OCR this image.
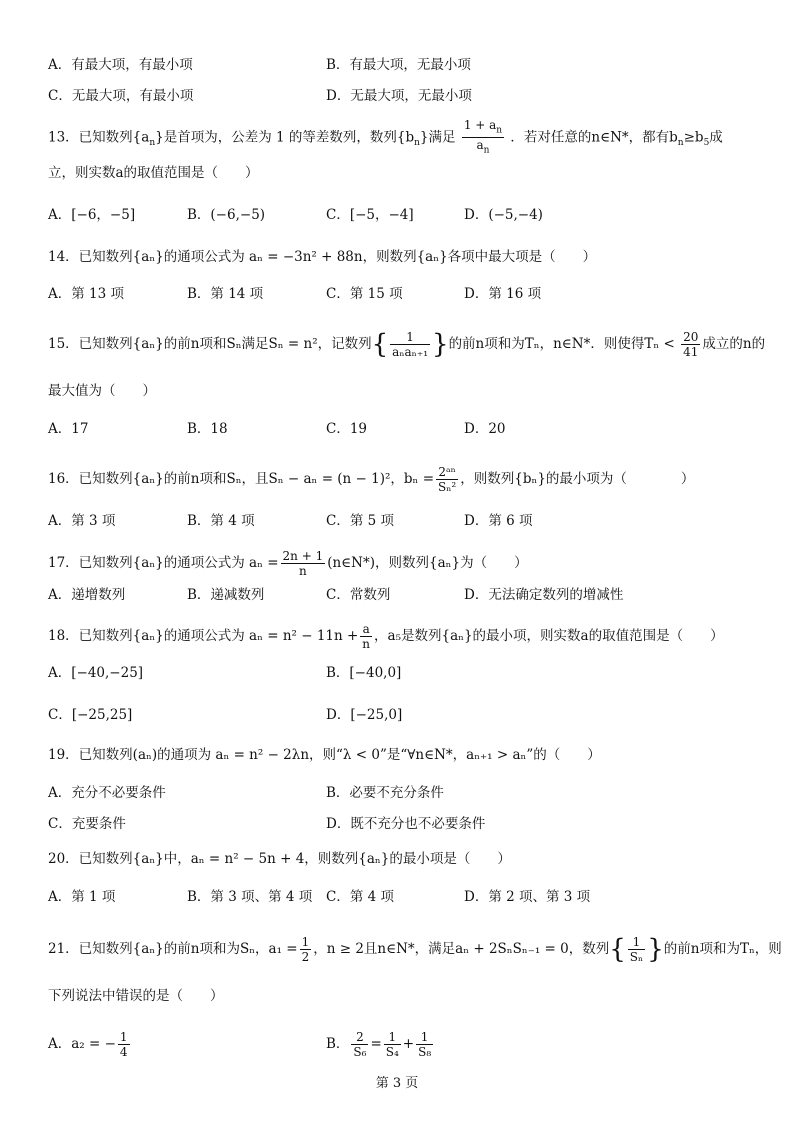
A．有最大项，有最小项	B．有最大项，无最小项
C．无最大项，有最小项	D．无最大项，无最小项
13．已知数列$\{a_n\}$是首项为，公差为 1 的等差数列，数列$\{b_n\}$满足 $\frac{1 + a_n}{a_n}$ ．若对任意的n∈N*，都有$b_n\ge b_5$成
立，则实数a的取值范围是（　　）
A．[−6，−5]	B．(−6,−5)	C．[−5，−4]	D．(−5,−4)
14．已知数列{aₙ}的通项公式为 aₙ = −3n² + 88n，则数列{aₙ}各项中最大项是（　　）
A．第 13 项	B．第 14 项	C．第 15 项	D．第 16 项
15．已知数列{aₙ}的前n项和Sₙ满足Sₙ = n²，记数列{ $\frac{1}{\text{aₙaₙ₊₁}}$ }的前n项和为Tₙ，n∈N*．则使得$T_n < \frac{20}{41}$ 成立的n的
最大值为（　　）
A．17	B．18	C．19	D．20
16．已知数列{aₙ}的前n项和Sₙ，且Sₙ − aₙ = (n − 1)²，$b_n = \frac{\text{2ᵃⁿ}}{\text{Sₙ²}}$ ，则数列{bₙ}的最小项为（　　　　）
A．第 3 项	B．第 4 项	C．第 5 项	D．第 6 项
17．已知数列{aₙ}的通项公式为 $a_n = \frac{2n + 1}{n}$ (n∈N*)，则数列{aₙ}为（　　）
A．递增数列	B．递减数列	C．常数列	D．无法确定数列的增减性
18．已知数列{aₙ}的通项公式为 $a_n = n^2 - 11n + \frac{a}{n}$ ，a₅是数列{aₙ}的最小项，则实数a的取值范围是（　　）
A．[−40,−25]	B．[−40,0]
C．[−25,25]	D．[−25,0]
19．已知数列(aₙ)的通项为 aₙ = n² − 2λn，则“λ < 0”是“∀n∈N*，aₙ₊₁ > aₙ”的（　　）
A．充分不必要条件	B．必要不充分条件
C．充要条件	D．既不充分也不必要条件
20．已知数列{aₙ}中，aₙ = n² − 5n + 4，则数列{aₙ}的最小项是（　　）
A．第 1 项	B．第 3 项、第 4 项 C．第 4 项	D．第 2 项、第 3 项
21．已知数列{aₙ}的前n项和为Sₙ，$a_1 = \frac{1}{2}$ ，n ≥ 2且n∈N*，满足aₙ + 2SₙSₙ₋₁ = 0，数列{ $\frac{1}{\text{Sₙ}}$ }的前n项和为Tₙ，则
下列说法中错误的是（　　）
A．a₂ = − $\frac{1}{4}$	B． $\frac{2}{\text{S₆}} = \frac{1}{\text{S₄}} + \frac{1}{\text{S₈}}$
第 3 页
